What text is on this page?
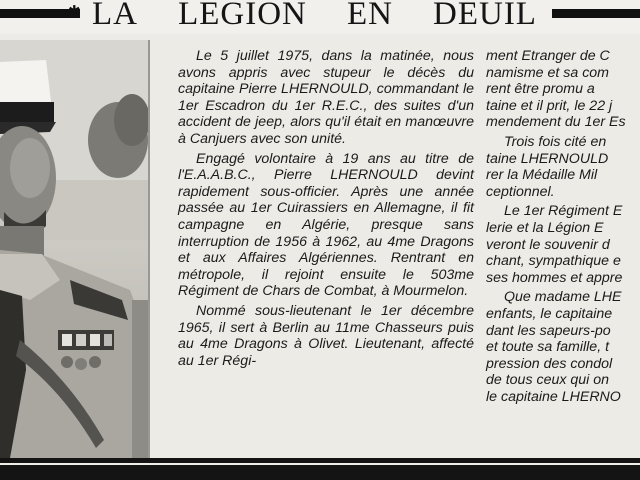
✱ LA LEGION EN DEUIL

Le 5 juillet 1975, dans la matinée, nous avons appris avec stupeur le décès du capitaine Pierre LHERNOULD, commandant le 1er Escadron du 1er R.E.C., des suites d'un accident de jeep, alors qu'il était en manœuvre à Canjuers avec son unité.

Engagé volontaire à 19 ans au titre de l'E.A.A.B.C., Pierre LHERNOULD devint rapidement sous-officier. Après une année passée au 1er Cuirassiers en Allemagne, il fit campagne en Algérie, presque sans interruption de 1956 à 1962, au 4me Dragons et aux Affaires Algériennes. Rentrant en métropole, il rejoint ensuite le 503me Régiment de Chars de Combat, à Mourmelon.

Nommé sous-lieutenant le 1er décembre 1965, il sert à Berlin au 11me Chasseurs puis au 4me Dragons à Olivet. Lieutenant, affecté au 1er Régi-

ment Etranger de C

namisme et sa com

rent être promu a

taine et il prit, le 22 j

mendement du 1er Es

Trois fois cité en

taine LHERNOULD

rer la Médaille Mil

ceptionnel.

Le 1er Régiment E

lerie et la Légion E

veront le souvenir d

chant, sympathique e

ses hommes et appre

Que madame LHE

enfants, le capitaine

dant les sapeurs-po

et toute sa famille, t

pression des condol

de tous ceux qui on

le capitaine LHERNO
